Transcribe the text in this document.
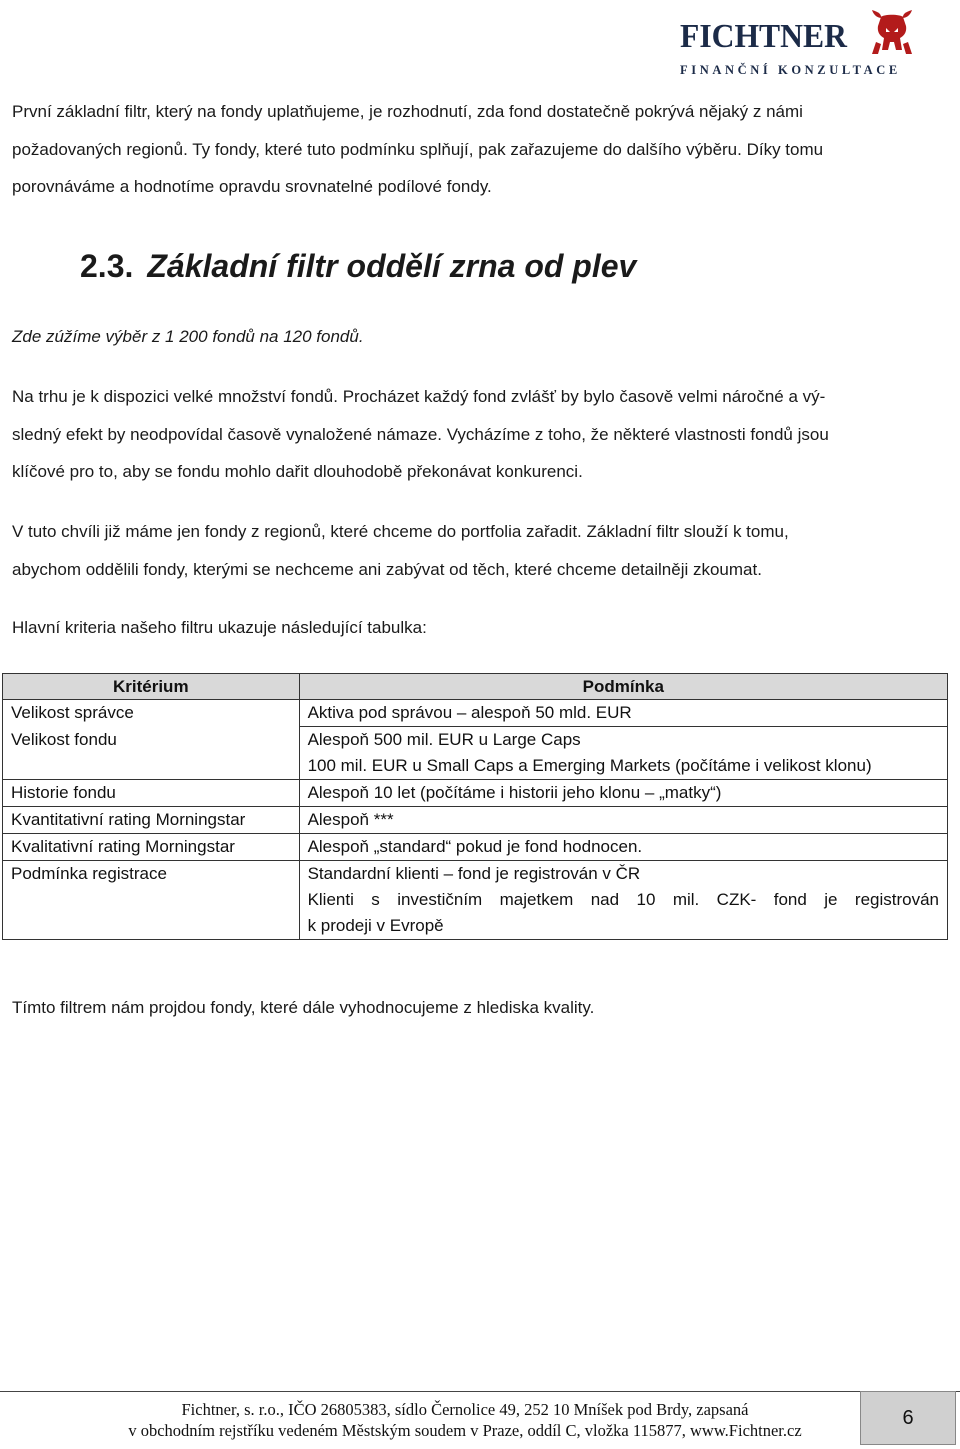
FICHTNER
FINANČNÍ KONZULTACE

První základní filtr, který na fondy uplatňujeme, je rozhodnutí, zda fond dostatečně pokrývá nějaký z námi

požadovaných regionů. Ty fondy, které tuto podmínku splňují, pak zařazujeme do dalšího výběru. Díky tomu

porovnáváme a hodnotíme opravdu srovnatelné podílové fondy.

2.3. Základní filtr oddělí zrna od plev

Zde zúžíme výběr z 1 200 fondů na 120 fondů.

Na trhu je k dispozici velké množství fondů. Procházet každý fond zvlášť by bylo časově velmi náročné a vý-

sledný efekt by neodpovídal časově vynaložené námaze. Vycházíme z toho, že některé vlastnosti fondů jsou

klíčové pro to, aby se fondu mohlo dařit dlouhodobě překonávat konkurenci.

V tuto chvíli již máme jen fondy z regionů, které chceme do portfolia zařadit. Základní filtr slouží k tomu,

abychom oddělili fondy, kterými se nechceme ani zabývat od těch, které chceme detailněji zkoumat.

Hlavní kriteria našeho filtru ukazuje následující tabulka:

Kritérium	Podmínka
Velikost správce	Aktiva pod správou – alespoň 50 mld. EUR

Velikost fondu	Alespoň 500 mil. EUR u Large Caps
100 mil. EUR u Small Caps a Emerging Markets (počítáme i velikost klonu)

Historie fondu	Alespoň 10 let (počítáme i historii jeho klonu – „matky“)

Kvantitativní rating Morningstar	Alespoň ***

Kvalitativní rating Morningstar	Alespoň „standard“ pokud je fond hodnocen.

Podmínka registrace	Standardní klienti – fond je registrován v ČR
Klienti s investičním majetkem nad 10 mil. CZK- fond je registrován
k prodeji v Evropě

Tímto filtrem nám projdou fondy, které dále vyhodnocujeme z hlediska kvality.

Fichtner, s. r.o., IČO 26805383, sídlo Černolice 49, 252 10 Mníšek pod Brdy, zapsaná
v obchodním rejstříku vedeném Městským soudem v Praze, oddíl C, vložka 115877, www.Fichtner.cz
6
